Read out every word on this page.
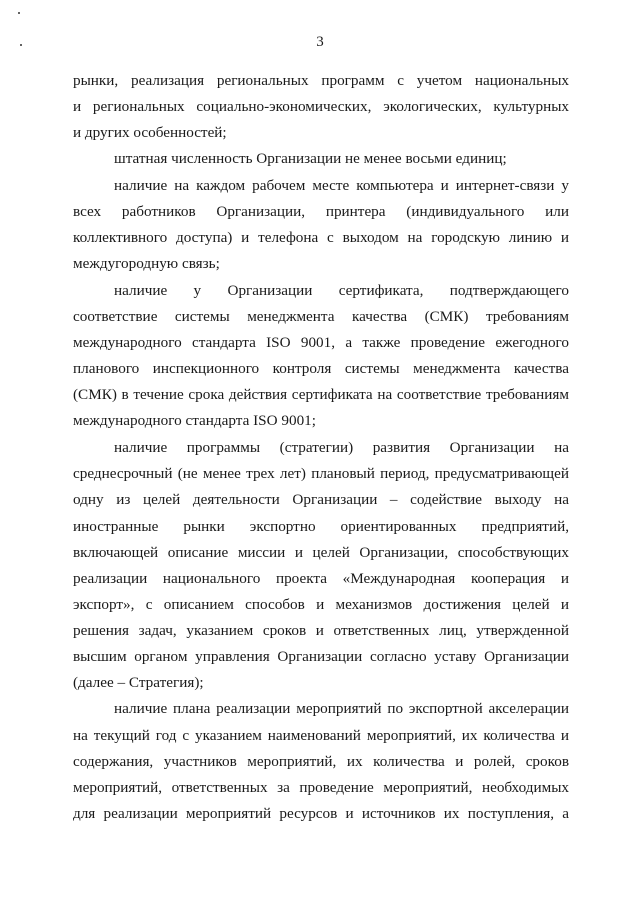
3
рынки, реализация региональных программ с учетом национальных
и региональных социально-экономических, экологических, культурных
и других особенностей;
штатная численность Организации не менее восьми единиц;
наличие на каждом рабочем месте компьютера и интернет-связи у
всех работников Организации, принтера (индивидуального или
коллективного доступа) и телефона с выходом на городскую линию и
междугородную связь;
наличие у Организации сертификата, подтверждающего
соответствие системы менеджмента качества (СМК) требованиям
международного стандарта ISO 9001, а также проведение ежегодного
планового инспекционного контроля системы менеджмента качества
(СМК) в течение срока действия сертификата на соответствие требованиям
международного стандарта ISO 9001;
наличие программы (стратегии) развития Организации на
среднесрочный (не менее трех лет) плановый период, предусматривающей
одну из целей деятельности Организации – содействие выходу на
иностранные рынки экспортно ориентированных предприятий,
включающей описание миссии и целей Организации, способствующих
реализации национального проекта «Международная кооперация и
экспорт», с описанием способов и механизмов достижения целей и
решения задач, указанием сроков и ответственных лиц, утвержденной
высшим органом управления Организации согласно уставу Организации
(далее – Стратегия);
наличие плана реализации мероприятий по экспортной акселерации
на текущий год с указанием наименований мероприятий, их количества и
содержания, участников мероприятий, их количества и ролей, сроков
мероприятий, ответственных за проведение мероприятий, необходимых
для реализации мероприятий ресурсов и источников их поступления, а
